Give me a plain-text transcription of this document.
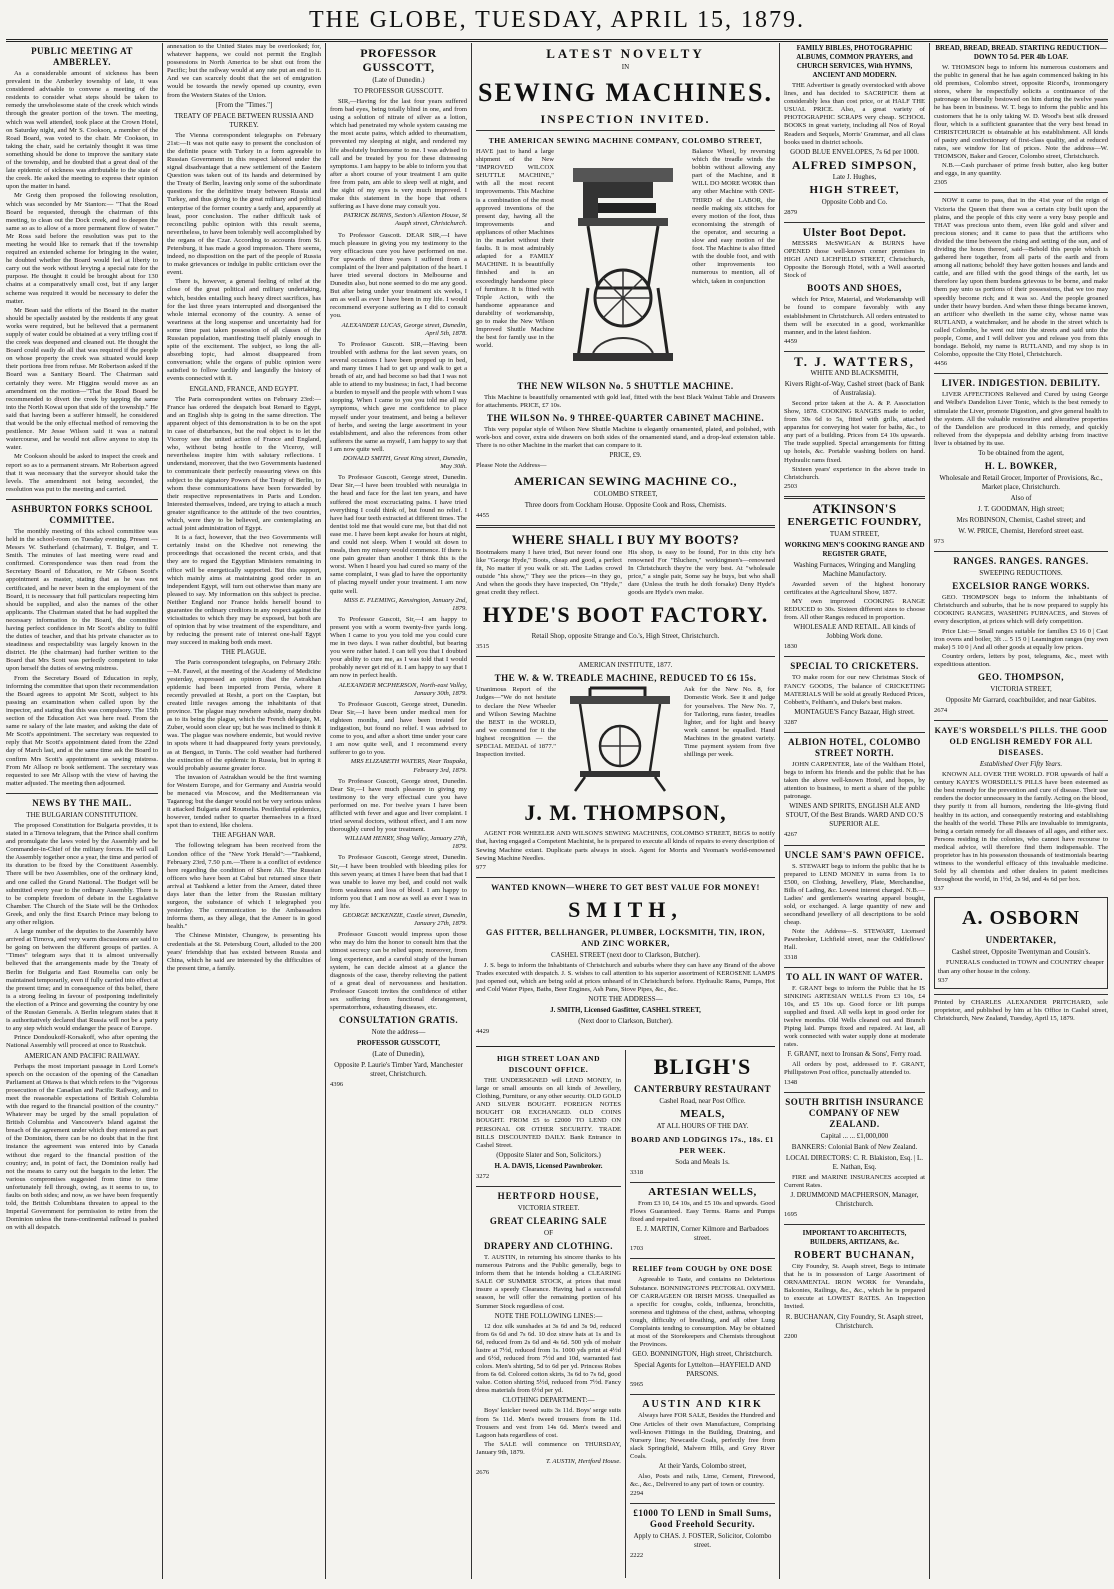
THE GLOBE, TUESDAY, APRIL 15, 1879.
PUBLIC MEETING AT AMBERLEY.

As a considerable amount of sickness has been prevalent in the Amberley township of late, it was considered advisable to convene a meeting of the residents to consider what steps should be taken to remedy the unwholesome state of the creek which winds through the greater portion of the town. The meeting, which was well attended, took place at the Crown Hotel, on Saturday night, and Mr S. Cookson, a member of the Road Board, was voted to the chair. Mr Cookson, in taking the chair, said he certainly thought it was time something should be done to improve the sanitary state of the township, and he doubted that a great deal of the late epidemic of sickness was attributable to the state of the creek. He asked the meeting to express their opinion upon the matter in hand.

Mr Greig then proposed the following resolution, which was seconded by Mr Stanton:— "That the Road Board be requested, through the chairman of this meeting, to clean out the Dock creek, and to deepen the same so as to allow of a more permanent flow of water." Mr Ross said before the resolution was put to the meeting he would like to remark that if the township required an extended scheme for bringing in the water, he doubted whether the Board would feel at liberty to carry out the work without levying a special rate for the purpose. He thought it could be brought about for 130 chains at a comparatively small cost, but if any larger scheme was required it would be necessary to defer the matter.

Mr Bean said the efforts of the Board in the matter should be specially assisted by the residents if any great works were required, but he believed that a permanent supply of water could be obtained at a very trifling cost if the creek was deepened and cleaned out. He thought the Board could easily do all that was required if the people on whose property the creek was situated would keep their portions free from refuse. Mr Robertson asked if the Board was a Sanitary Board. The Chairman said certainly they were. Mr Higgins would move as an amendment on the motion—"That the Road Board be recommended to divert the creek by tapping the same into the North Kowai upon that side of the township." He said that having been a sufferer himself, he considered that would be the only effectual method of removing the pestilence. Mr Jesse Wilson said it was a natural watercourse, and he would not allow anyone to stop its water.

Mr Cookson should be asked to inspect the creek and report so as to a permanent stream. Mr Robertson agreed that it was necessary that the surveyor should take the levels. The amendment not being seconded, the resolution was put to the meeting and carried.

ASHBURTON FORKS SCHOOL COMMITTEE.

The monthly meeting of this school committee was held in the school-room on Tuesday evening. Present — Messrs W. Sutherland (chairman), T. Bulger, and T. Smith. The minutes of last meeting were read and confirmed. Correspondence was then read from the Secretary Board of Education, re Mr Gibson Scott's appointment as master, stating that as he was not certificated, and he never been in the employment of the Board, it is necessary that full particulars respecting him should be supplied, and also the names of the other applicants. The Chairman stated that he had supplied the necessary information to the Board, the committee having perfect confidence in Mr Scott's ability to fulfil the duties of teacher, and that his private character as to steadiness and respectability was largely known in the district. He (the chairman) had further written to the Board that Mrs Scott was perfectly competent to take upon herself the duties of sewing mistress.

From the Secretary Board of Education in reply, informing the committee that upon their recommendation the Board agrees to appoint Mr Scott, subject to his passing an examination when called upon by the inspector, and stating that this was compulsory. The 15th section of the Education Act was here read. From the same re salary of the late master, and asking the date of Mr Scott's appointment. The secretary was requested to reply that Mr Scott's appointment dated from the 22nd day of March last, and at the same time ask the Board to confirm Mrs Scott's appointment as sewing mistress. From Mr Allsop re book settlement. The secretary was requested to see Mr Allsop with the view of having the matter adjusted. The meeting then adjourned.

NEWS BY THE MAIL.
THE BULGARIAN CONSTITUTION.

The proposed Constitution for Bulgaria provides, it is stated in a Tirnova telegram, that the Prince shall confirm and promulgate the laws voted by the Assembly and be Commander-in-Chief of the military forces. He will call the Assembly together once a year, the time and period of its duration to be fixed by the Constituent Assembly. There will be two Assemblies, one of the ordinary kind, and one called the Grand National. The Budget will be submitted every year to the ordinary Assembly. There is to be complete freedom of debate in the Legislative Chamber. The Church of the State will be the Orthodox Greek, and only the first Exarch Prince may belong to any other religion.

A large number of the deputies to the Assembly have arrived at Tirnova, and very warm discussions are said to be going on between the different groups of parties. A "Times" telegram says that it is almost universally believed that the arrangements made by the Treaty of Berlin for Bulgaria and East Roumelia can only be maintained temporarily, even if fully carried into effect at the present time; and in consequence of this belief, there is a strong feeling in favour of postponing indefinitely the election of a Prince and governing the country by one of the Russian Generals. A Berlin telegram states that it is authoritatively declared that Russia will not be a party to any step which would endanger the peace of Europe.

Prince Dondoukoff-Korsakoff, who after opening the National Assembly will proceed at once to Rustchuk.

AMERICAN AND PACIFIC RAILWAY.

Perhaps the most important passage in Lord Lorne's speech on the occasion of the opening of the Canadian Parliament at Ottawa is that which refers to the "vigorous prosecution of the Canadian and Pacific Railway, and to meet the reasonable expectations of British Columbia with due regard to the financial position of the country." Whatever may be urged by the small population of British Columbia and Vancouver's Island against the breach of the agreement under which they entered as part of the Dominion, there can be no doubt that in the first instance the agreement was entered into by Canada without due regard to the financial position of the country; and, in point of fact, the Dominion really had not the means to carry out the bargain to the letter. The various compromises suggested from time to time unfortunately fell through, owing, as it seems to us, to faults on both sides; and now, as we have been frequently told, the British Columbians threaten to appeal to the Imperial Government for permission to retire from the Dominion unless the trans-continental railroad is pushed on with all despatch.

annexation to the United States may be overlooked; for, whatever happens, we could not permit the English possessions in North America to be shut out from the Pacific; but the railway would at any rate put an end to it. And we can scarcely doubt that the set of emigration would be towards the newly opened up country, even from the Western States of the Union.

[From the "Times."]
TREATY OF PEACE BETWEEN RUSSIA AND TURKEY.

The Vienna correspondent telegraphs on February 21st:—It was not quite easy to present the conclusion of the definite peace with Turkey in a form agreeable to Russian Government in this respect labored under the signal disadvantage that a new settlement of the Eastern Question was taken out of its hands and determined by the Treaty of Berlin, leaving only some of the subordinate questions for the definitive treaty between Russia and Turkey, and thus giving to the great military and political enterprise of the former country a tardy and, apparently at least, poor conclusion. The rather difficult task of reconciling public opinion with this result seems, nevertheless, to have been tolerably well accomplished by the organs of the Czar. According to accounts from St. Petersburg, it has made a good impression. There seems, indeed, no disposition on the part of the people of Russia to make grievances or indulge in public criticism over the event.

There is, however, a general feeling of relief at the close of the great political and military undertaking, which, besides entailing such heavy direct sacrifices, has for the last three years interrupted and disorganised the whole internal economy of the country. A sense of weariness at the long suspense and uncertainty had for some time past taken possession of all classes of the Russian population, manifesting itself plainly enough in spite of the excitement. The subject, so long the all-absorbing topic, had almost disappeared from conversation; while the organs of public opinion were satisfied to follow tardily and languidly the history of events connected with it.

ENGLAND, FRANCE, AND EGYPT.

The Paris correspondent writes on February 23rd:—France has ordered the despatch boat Renard to Egypt, and an English ship is going in the same direction. The apparent object of this demonstration is to be on the spot in case of disturbances, but the real object is to let the Viceroy see the united action of France and England, who, without being hostile to the Viceroy, will nevertheless inspire him with salutary reflections. I understand, moreover, that the two Governments hastened to communicate their perfectly reassuring views on this subject to the signatory Powers of the Treaty of Berlin, to whom these communications have been forwarded by their respective representatives in Paris and London. Interested themselves, indeed, are trying to attach a much greater significance to the attitude of the two countries, which, were they to be believed, are contemplating an actual joint administration of Egypt.

It is a fact, however, that the two Governments will certainly insist on the Khedive not renewing the proceedings that occasioned the recent crisis, and that they are to regard the Egyptian Ministers remaining in office will be energetically supported. But this support, which mainly aims at maintaining good order in an independent Egypt, will turn out otherwise than many are pleased to say. My information on this subject is precise. Neither England nor France holds herself bound to guarantee the ordinary creditors in any respect against the vicissitudes to which they may be exposed, but both are of opinion that by wise treatment of the expenditure, and by reducing the present rate of interest one-half Egypt may succeed in making both ends meet.

THE PLAGUE.

The Paris correspondent telegraphs, on February 26th:—M. Fauvel, at the meeting of the Academy of Medicine yesterday, expressed an opinion that the Astrakhan epidemic had been imported from Persia, where it recently prevailed at Resht, a port on the Caspian, but created little ravages among the inhabitants of that province. The plague may nowhere subside, many doubts as to its being the plague, which the French delegate, M. Zuber, would soon clear up; but he was inclined to think it was. The plague was nowhere endemic, but would revive in spots where it had disappeared forty years previously, as at Bengazi, in Tunis. The cold weather had furthered the extinction of the epidemic in Russia, but in spring it would probably assume greater force.

The invasion of Astrakhan would be the first warning for Western Europe, and for Germany and Austria would be menaced via Moscow, and the Mediterranean via Taganrog; but the danger would not be very serious unless it attacked Bulgaria and Roumelia. Pestilential epidemics, however, tended rather to quarter themselves in a fixed spot than to extend, like cholera.

THE AFGHAN WAR.

The following telegram has been received from the London office of the "New York Herald":—"Tashkend, February 23rd, 7.50 p.m.—There is a conflict of evidence here regarding the condition of Shere Ali. The Russian officers who have been at Cabul but returned since their arrival at Tashkend a letter from the Ameer, dated three days later than the letter from the Russian military surgeon, the substance of which I telegraphed you yesterday. The communication to the Ambassadors informs them, as they allege, that the Ameer is in good health."

The Chinese Minister, Chungow, is presenting his credentials at the St. Petersburg Court, alluded to the 200 years' friendship that has existed between Russia and China, which he said are interested by the difficulties of the present time, a family.

PROFESSOR GUSSCOTT,
(Late of Dunedin.)
TO PROFESSOR GUSSCOTT.

SIR,—Having for the last four years suffered from bad eyes, being totally blind in one, and from using a solution of nitrate of silver as a lotion, which had penetrated my whole system causing me the most acute pains, which added to rheumatism, prevented my sleeping at night, and rendered my life absolutely burdensome to me. I was advised to call and be treated by you for these distressing symptoms. I am happy to be able to inform you that after a short course of your treatment I am quite free from pain, am able to sleep well at night, and the sight of my eyes is very much improved. I make this statement in the hope that others suffering as I have done may consult you.

PATRICK BURNS, Sexton's Allenton House, St Asaph street, Christchurch.

To Professor Guscott. DEAR SIR,—I have much pleasure in giving you my testimony to the very efficacious cure you have performed on me. For upwards of three years I suffered from a complaint of the liver and palpitation of the heart. I have tried several doctors in Melbourne and Dunedin also, but none seemed to do me any good. But after being under your treatment six weeks, I am as well as ever I have been in my life. I would recommend everyone suffering as I did to consult you.

ALEXANDER LUCAS, George street, Dunedin, April 5th, 1878.

To Professor Guscott. SIR,—Having been troubled with asthma for the last seven years, on several occasions I have been propped up in bed, and many times I had to get up and walk to get a breath of air, and had become so bad that I was not able to attend to my business; in fact, I had become a burden to myself and the people with whom I was stopping. When I came to you you told me all my symptoms, which gave me confidence to place myself under your treatment, and being a believer of herbs, and seeing the large assortment in your establishment, and also the references from other sufferers the same as myself, I am happy to say that I am now quite well.

DONALD SMITH, Great King street, Dunedin, May 30th.

To Professor Guscott, George street, Dunedin. Dear Sir,—I have been troubled with neuralgia in the head and face for the last ten years, and have suffered the most excruciating pains. I have tried everything I could think of, but found no relief. I have had four teeth extracted at different times. The dentist told me that would cure me, but that did not ease me. I have been kept awake for hours at night, and could not sleep. When I would sit down to meals, then my misery would commence. If there is one pain greater than another I think this is the worst. When I heard you had cured so many of the same complaint, I was glad to have the opportunity of placing myself under your treatment. I am now quite well.

MISS E. FLEMING, Kensington, January 2nd, 1879.

To Professor Guscott, Sir,—I am happy to present you with a worm twenty-five yards long. When I came to you you told me you could cure me in two days. I was rather doubtful, but bearing you were rather hated. I can tell you that I doubted your ability to cure me, as I was told that I would probably never get rid of it. I am happy to say that I am now in perfect health.

ALEXANDER MCPHERSON, North-east Valley, January 30th, 1879.

To Professor Guscott, George street, Dunedin. Dear Sir,—I have been under medical men for eighteen months, and have been treated for indigestion, but found no relief. I was advised to come to you, and after a short time under your care I am now quite well, and I recommend every sufferer to go to you.

MRS ELIZABETH WATERS, Near Taupaka, February 3rd, 1879.

To Professor Guscott, George street, Dunedin. Dear Sir,—I have much pleasure in giving my testimony to the very effectual cure you have performed on me. For twelve years I have been afflicted with fever and ague and liver complaint. I tried several doctors, without effect, and I am now thoroughly cured by your treatment.

WILLIAM HENRY, Shag Valley, January 27th, 1879.

To Professor Guscott, George street, Dunedin. Sir,—I have been troubled with bleeding piles for this seven years; at times I have been that bad that I was unable to leave my bed, and could not walk from weakness and loss of blood. I am happy to inform you that I am now as well as ever I was in my life.

GEORGE MCKENZIE, Castle street, Dunedin, January 27th, 1879.

Professor Guscott would impress upon those who may do him the honor to consult him that the utmost secrecy can be relied upon; moreover, from long experience, and a careful study of the human system, he can decide almost at a glance the diagnosis of the case, thereby relieving the patient of a great deal of nervousness and hesitation. Professor Guscott invites the confidence of either sex suffering from functional derangement, spermatorrhœa, exhausting diseases, etc.

CONSULTATION GRATIS.
Note the address—
PROFESSOR GUSSCOTT,
(Late of Dunedin),
Opposite P. Laurie's Timber Yard, Manchester street, Christchurch.
4396
LATEST NOVELTY
IN
SEWING MACHINES.
INSPECTION INVITED.
THE AMERICAN SEWING MACHINE COMPANY, COLOMBO STREET,

HAVE just to hand a large shipment of the New "IMPROVED WILCOX SHUTTLE MACHINE," with all the most recent improvements. This Machine is a combination of the most approved inventions of the present day, having all the improvements and appliances of other Machines in the market without their faults. It is most admirably adapted for a FAMILY MACHINE. It is beautifully finished and is an exceedingly handsome piece of furniture. It is fitted with Triple Action, with the handsome appearance and durability of workmanship, go to make the New Wilson Improved Shuttle Machine the best for family use in the world.

Balance Wheel, by reversing which the treadle winds the bobbin without allowing any part of the Machine, and it WILL DO MORE WORK than any other Machine with ONE-THIRD of the LABOR, the needle making six stitches for every motion of the foot, thus economising the strength of the operator, and securing a slow and easy motion of the foot. The Machine is also fitted with the double foot, and with other improvements too numerous to mention, all of which, taken in conjunction

THE NEW WILSON No. 5 SHUTTLE MACHINE.

This Machine is beautifully ornamented with gold leaf, fitted with the best Black Walnut Table and Drawers for attachments. PRICE, £7 10s.

THE WILSON No. 9 THREE-QUARTER CABINET MACHINE.

This very popular style of Wilson New Shuttle Machine is elegantly ornamented, plated, and polished, with work-box and cover, extra side drawers on both sides of the ornamented stand, and a drop-leaf extension table. There is no other Machine in the market that can compare to it.

PRICE, £9.

Please Note the Address—

AMERICAN SEWING MACHINE CO.,
COLOMBO STREET,
Three doors from Cockham House. Opposite Cook and Ross, Chemists.
4455
WHERE SHALL I BUY MY BOOTS?

Bootmakers many I have tried, But never found one like "George Hyde," Boots, cheap and good, a perfect fit, No matter if you walk or sit. The Ladies crowd outside "his show," They see the prices—in they go, And when the goods they have inspected, On "Hyde," great credit they reflect.

His shop, is easy to be found, For in this city he's renowned For "Bluchers," workingmen's—renowned In Christchurch they're the very best. At "wholesale price," a single pair, Some say he buys, but who shall dare (Unless the truth he doth forsake) Deny Hyde's goods are Hyde's own make.

HYDE'S BOOT FACTORY.
Retail Shop, opposite Strange and Co.'s, High Street, Christchurch.
3515
AMERICAN INSTITUTE, 1877.
THE W. & W. TREADLE MACHINE, REDUCED TO £6 15s.

Unanimous Report of the Judges—"We do not hesitate to declare the New Wheeler and Wilson Sewing Machine the BEST in the WORLD, and we commend for it the highest recognition — the SPECIAL MEDAL of 1877." Inspection invited.

Ask for the New No. 8, for Domestic Work. See it and judge for yourselves. The New No. 7, for Tailoring, runs faster, treadles lighter, and for light and heavy work cannot be equalled. Hand Machines in the greatest variety. Time payment system from five shillings per week.

J. M. THOMPSON,

AGENT FOR WHEELER AND WILSON'S SEWING MACHINES, COLOMBO STREET, BEGS to notify that, having engaged a Competent Machinist, he is prepared to execute all kinds of repairs to every description of Sewing Machine extant. Duplicate parts always in stock. Agent for Morris and Yeoman's world-renowned Sewing Machine Needles.

977
WANTED KNOWN—WHERE TO GET BEST VALUE FOR MONEY!
SMITH,
GAS FITTER, BELLHANGER, PLUMBER, LOCKSMITH, TIN, IRON, AND ZINC WORKER,
CASHEL STREET (next door to Clarkson, Butcher).

J. S. begs to inform the Inhabitants of Christchurch and suburbs where they can have any Brand of the above Trades executed with despatch. J. S. wishes to call attention to his superior assortment of KEROSENE LAMPS just opened out, which are being sold at prices unheard of in Christchurch before. Hydraulic Rams, Pumps, Hot and Cold Water Pipes, Baths, Beer Engines, Ash Pans, Stove Pipes, &c., &c.

NOTE THE ADDRESS—
J. SMITH, Licensed Gasfitter, CASHEL STREET,
(Next door to Clarkson, Butcher).
4429
HIGH STREET LOAN AND DISCOUNT OFFICE.

THE UNDERSIGNED will LEND MONEY, in large or small amounts on all kinds of Jewellery, Clothing, Furniture, or any other security. OLD GOLD AND SILVER BOUGHT. FOREIGN NOTES BOUGHT OR EXCHANGED. OLD COINS BOUGHT. FROM £5 to £2000 TO LEND ON PERSONAL OR OTHER SECURITY. TRADE BILLS DISCOUNTED DAILY. Bank Entrance in Cashel Street.

(Opposite Slater and Son, Solicitors.)
H. A. DAVIS, Licensed Pawnbroker.
3272
HERTFORD HOUSE,
VICTORIA STREET.
GREAT CLEARING SALE
OF
DRAPERY AND CLOTHING.

T. AUSTIN, in returning his sincere thanks to his numerous Patrons and the Public generally, begs to inform them that he intends holding a CLEARING SALE OF SUMMER STOCK, at prices that must insure a speedy Clearance. Having had a successful season, he will offer the remaining portion of his Summer Stock regardless of cost.

NOTE THE FOLLOWING LINES:—

12 doz silk sunshades at 3s 6d and 3s 9d, reduced from 6s 6d and 7s 6d. 10 doz straw hats at 1s and 1s 6d, reduced from 2s 6d and 4s 6d. 500 yds of mohair lustre at 7½d, reduced from 1s. 1000 yds print at 4½d and 6½d, reduced from 7½d and 10d, warranted fast colors. Men's shirting, 5d to 6d per yd. Princess Robes from 6s 6d. Colored cotton skirts, 3s 6d to 7s 6d, good value. Cotton shirting 5½d, reduced from 7½d. Fancy dress materials from 6½d per yd.

CLOTHING DEPARTMENT:—

Boys' knicker tweed suits 3s 11d. Boys' serge suits from 5s 11d. Men's tweed trousers from 8s 11d. Trousers and vest from 14s 6d. Men's tweed and Lagoon hats regardless of cost.

The SALE will commence on THURSDAY, January 9th, 1879.

T. AUSTIN, Hertford House.
2676
BLIGH'S
CANTERBURY RESTAURANT
Cashel Road, near Post Office.
MEALS,
AT ALL HOURS OF THE DAY.
BOARD AND LODGINGS 17s., 18s. £1 PER WEEK.
Soda and Meals 1s.
3318
ARTESIAN WELLS,

From £3 10, £4 10s, and £5 10s and upwards. Good Flows Guaranteed. Easy Terms. Rams and Pumps fixed and repaired.

E. J. MARTIN, Corner Kilmore and Barbadoes street.
1703
RELIEF from COUGH by ONE DOSE

Agreeable to Taste, and contains no Deleterious Substance. BONNINGTON'S PECTORAL OXYMEL OF CARRAGEEN OR IRISH MOSS. Unequalled as a specific for coughs, colds, influenza, bronchitis, soreness and tightness of the chest, asthma, whooping cough, difficulty of breathing, and all other Lung Complaints tending to consumption. May be obtained at most of the Storekeepers and Chemists throughout the Provinces.

GEO. BONNINGTON, High street, Christchurch.
Special Agents for Lyttelton—HAYFIELD AND PARSONS.
5965
AUSTIN AND KIRK

Always have FOR SALE, Besides the Hundred and One Articles of their own Manufacture, Comprising well-known Fittings in the Building, Draining, and Nursery line; Newcastle Coals, perfectly free from slack Springfield, Malvern Hills, and Grey River Coals.

At their Yards, Colombo street,

Also, Posts and rails, Lime, Cement, Firewood, &c., &c., Delivered to any part of town or country.

2294
£1000 TO LEND in Small Sums, Good Freehold Security.
Apply to CHAS. J. FOSTER, Solicitor, Colombo street.
2222
FAMILY BIBLES, PHOTOGRAPHIC ALBUMS, COMMON PRAYERS, and CHURCH SERVICES, With HYMNS, ANCIENT AND MODERN.

THE Advertiser is greatly overstocked with above lines, and has decided to SACRIFICE them at considerably less than cost price, or at HALF THE USUAL PRICE. Also, a great variety of PHOTOGRAPHIC SCRAPS very cheap. SCHOOL BOOKS in great variety, including all Nos of Royal Readers and Sequels, Morris' Grammar, and all class books used in district schools.

GOOD BLUE ENVELOPES, 7s 6d per 1000.
ALFRED SIMPSON,
Late J. Hughes,
HIGH STREET,
Opposite Cobb and Co.
2879
Ulster Boot Depot.

MESSRS McSWIGAN & BURNS have OPENED those well-known corner premises in HIGH AND LICHFIELD STREET, Christchurch, Opposite the Borough Hotel, with a Well assorted Stock of

BOOTS AND SHOES,

which for Price, Material, and Workmanship will be found to compare favorably with any establishment in Christchurch. All orders entrusted to them will be executed in a good, workmanlike manner, and in the latest fashion.

4459
T. J. WATTERS,
WHITE AND BLACKSMITH,
Kivers Right-of-Way, Cashel street (back of Bank of Australasia).

Second prize taken at the A. & P. Association Show, 1878. COOKING RANGES made to order, from 30s 6d to 5s, fitted with grills, attached apparatus for conveying hot water for baths, &c., to any part of a building. Prices from £4 10s upwards. The trade supplied. Special arrangements for fitting up hotels, &c. Portable washing boilers on hand. Hydraulic rams fixed.

Sixteen years' experience in the above trade in Christchurch.

2503
ATKINSON'S
ENERGETIC FOUNDRY,
TUAM STREET,
WORKING MEN'S COOKING RANGE AND REGISTER GRATE,
Washing Furnaces, Wringing and Mangling Machine Manufactory.

Awarded seven of the highest honorary certificates at the Agricultural Show, 1877.

MY own improved COOKING RANGE REDUCED to 30s. Sixteen different sizes to choose from. All other Ranges reduced in proportion.

WHOLESALE AND RETAIL. All kinds of Jobbing Work done.
1830
SPECIAL TO CRICKETERS.

TO make room for our new Christmas Stock of FANCY GOODS, The balance of CRICKETING MATERIALS Will be sold at greatly Reduced Prices, Cobbett's, Feltham's, and Duke's best makes.

MONTAGUE'S Fancy Bazaar, High street.
3287
ALBION HOTEL, COLOMBO STREET NORTH.

JOHN CARPENTER, late of the Waltham Hotel, begs to inform his friends and the public that he has taken the above well-known Hotel, and hopes, by attention to business, to merit a share of the public patronage.

WINES AND SPIRITS, ENGLISH ALE AND STOUT, Of the Best Brands. WARD AND CO.'S SUPERIOR ALE.
4267
UNCLE SAM'S PAWN OFFICE.

S. STEWART begs to inform the public that he is prepared to LEND MONEY in sums from 1s to £500, on Clothing, Jewellery, Plate, Merchandise, Bills of Lading, &c. Lowest interest charged. N.B.—Ladies' and gentlemen's wearing apparel bought, sold, or exchanged. A large quantity of new and secondhand jewellery of all descriptions to be sold cheap.

Note the Address—S. STEWART, Licensed Pawnbroker, Lichfield street, near the Oddfellows' Hall.

3318
TO ALL IN WANT OF WATER.

F. GRANT begs to inform the Public that he IS SINKING ARTESIAN WELLS From £3 10s, £4 10s, and £5 10s up. Good force or lift pumps supplied and fixed. All wells kept in good order for twelve months. Old Wells cleaned out and Branch Piping laid. Pumps fixed and repaired. At last, all work connected with water supply done at moderate rates.

F. GRANT, next to Ironsan & Sons', Ferry road.

All orders by post, addressed to F. GRANT, Phillipstown Post office, punctually attended to.

1348
SOUTH BRITISH INSURANCE COMPANY OF NEW ZEALAND.
Capital ... ... £1,000,000
BANKERS: Colonial Bank of New Zealand.
LOCAL DIRECTORS: C. R. Blakiston, Esq. | L. E. Nathan, Esq.

FIRE and MARINE INSURANCES accepted at Current Rates.

J. DRUMMOND MACPHERSON, Manager, Christchurch.
1695
IMPORTANT TO ARCHITECTS, BUILDERS, ARTIZANS, &c.
ROBERT BUCHANAN,

City Foundry, St. Asaph street, Begs to intimate that he is in possession of Large Assortment of ORNAMENTAL IRON WORK for Verandahs, Balconies, Railings, &c., &c., which he is prepared to execute at LOWEST RATES. An Inspection Invited.

R. BUCHANAN, City Foundry, St. Asaph street, Christchurch.
2200
BREAD, BREAD, BREAD. STARTING REDUCTION—DOWN TO 5d. PER 4lb LOAF.

W. THOMSON begs to inform his numerous customers and the public in general that he has again commenced baking in his old premises, Colombo street, opposite Ricord's, ironmongery stores, where he respectfully solicits a continuance of the patronage so liberally bestowed on him during the twelve years he has been in business. W. T. begs to inform the public and his customers that he is only taking W. D. Wood's best silk dressed flour, which is a sufficient guarantee that the very best bread in CHRISTCHURCH is obtainable at his establishment. All kinds of pastry and confectionary of first-class quality, and at reduced rates, see window for list of prices. Note the address—W. THOMSON, Baker and Grocer, Colombo street, Christchurch.

N.B.—Cash purchaser of prime fresh butter, also keg butter and eggs, in any quantity.

2305

NOW it came to pass, that in the 41st year of the reign of Victoria the Queen that there was a certain city built upon the plains, and the people of this city were a very busy people and THAT was precious unto them, even like gold and silver and precious stones; and it came to pass that the artificers who divided the time between the rising and setting of the sun, and of dividing the hours thereof, said—Behold this people which is gathered here together, from all parts of the earth and from among all nations; behold! they have gotten houses and lands and cattle, and are filled with the good things of the earth, let us therefore lay upon them burdens grievous to be borne, and make them pay unto us portions of their possessions, that we too may speedily become rich; and it was so. And the people groaned under their heavy burden. And when these things became known, an artificer who dwelleth in the same city, whose name was RUTLAND, a watchmaker, and he abode in the street which is called Colombo, he went out into the streets and said unto the people, Come, and I will deliver you and release you from this bondage. Behold, my name is RUTLAND, and my shop is in Colombo, opposite the City Hotel, Christchurch.

4456
LIVER. INDIGESTION. DEBILITY.

LIVER AFFECTIONS Relieved and Cured by using George and Welbe's Dandelion Liver Tonic, which is the best remedy to stimulate the Liver, promote Digestion, and give general health to the system. All the valuable restorative and alterative properties of the Dandelion are produced in this remedy, and quickly relieved from the dyspepsia and debility arising from inactive liver is obtained by its use.

To be obtained from the agent,
H. L. BOWKER,
Wholesale and Retail Grocer, Importer of Provisions, &c., Market place, Christchurch.
Also of
J. T. GOODMAN, High street;
Mrs ROBINSON, Chemist, Cashel street; and
W. W. PRICE, Chemist, Hereford street east.
973
RANGES. RANGES. RANGES.
SWEEPING REDUCTIONS.
EXCELSIOR RANGE WORKS.

GEO. THOMPSON begs to inform the inhabitants of Christchurch and suburbs, that he is now prepared to supply his COOKING RANGES, WASHING FURNACES, and Stoves of every description, at prices which will defy competition.

Price List:— Small ranges suitable for families £3 16 0 | Cast iron ovens and boiler, 3ft ... 5 15 0 | Leamington ranges (my own make) 5 10 0 | And all other goods at equally low prices.

Country orders, letters by post, telegrams, &c., meet with expeditious attention.

GEO. THOMPSON,
VICTORIA STREET,
Opposite Mr Garrard, coachbuilder, and near Gabites.
2674
KAYE'S WORSDELL'S PILLS. THE GOOD OLD ENGLISH REMEDY FOR ALL DISEASES.
Established Over Fifty Years.

KNOWN ALL OVER THE WORLD. FOR upwards of half a century KAYE'S WORSDELL'S PILLS have been esteemed as the best remedy for the prevention and cure of disease. Their use renders the doctor unnecessary in the family. Acting on the blood, they purify it from all humors, rendering the life-giving fluid healthy in its action, and consequently restoring and establishing the health of the world. These Pills are invaluable to immigrants, being a certain remedy for all diseases of all ages, and either sex. Persons residing in the colonies, who cannot have recourse to medical advice, will therefore find them indispensable. The proprietor has in his possession thousands of testimonials bearing witness to the wonderful efficacy of this invaluable medicine. Sold by all chemists and other dealers in patent medicines throughout the world, in 1½d, 2s 9d, and 4s 6d per box.

937
A. OSBORN
UNDERTAKER,
Cashel street, Opposite Twentyman and Cousin's.

FUNERALS conducted in TOWN and COUNTRY cheaper than any other house in the colony.

937

Printed by CHARLES ALEXANDER PRITCHARD, sole proprietor, and published by him at his Office in Cashel street, Christchurch, New Zealand, Tuesday, April 15, 1879.
